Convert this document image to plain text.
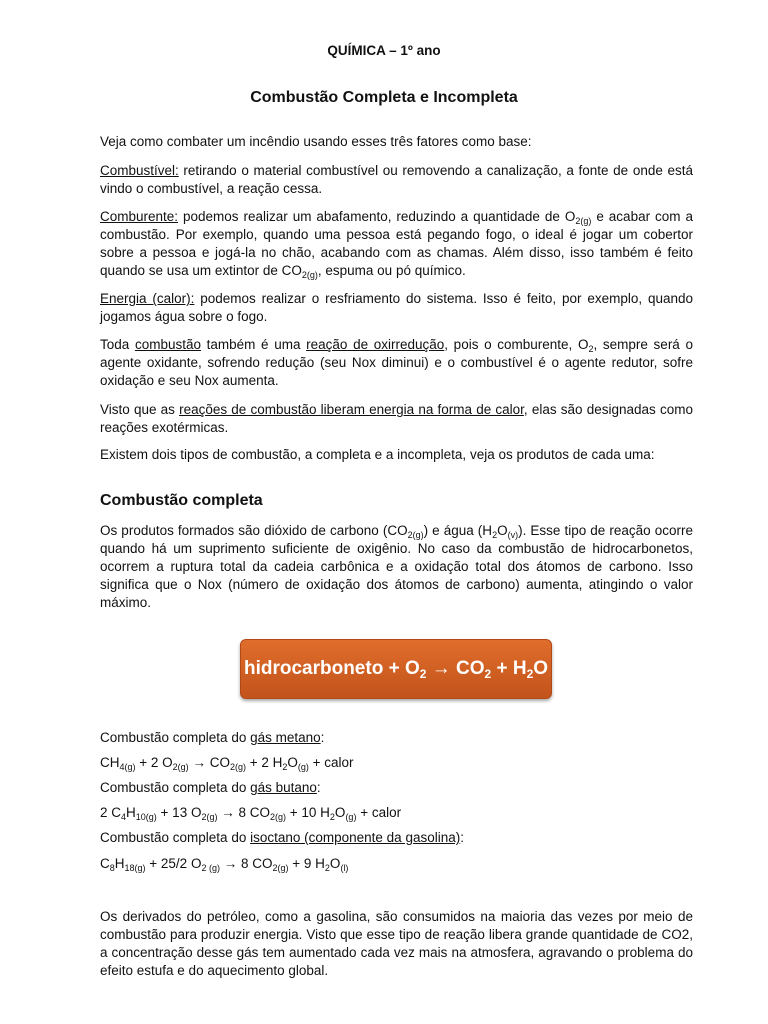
QUÍMICA – 1º ano
Combustão Completa e Incompleta
Veja como combater um incêndio usando esses três fatores como base:
Combustível: retirando o material combustível ou removendo a canalização, a fonte de onde está vindo o combustível, a reação cessa.
Comburente: podemos realizar um abafamento, reduzindo a quantidade de $O_{2(g)}$ e acabar com a combustão. Por exemplo, quando uma pessoa está pegando fogo, o ideal é jogar um cobertor sobre a pessoa e jogá-la no chão, acabando com as chamas. Além disso, isso também é feito quando se usa um extintor de $CO_{2(g)}$, espuma ou pó químico.
Energia (calor): podemos realizar o resfriamento do sistema. Isso é feito, por exemplo, quando jogamos água sobre o fogo.
Toda combustão também é uma reação de oxirredução, pois o comburente, $O_2$, sempre será o agente oxidante, sofrendo redução (seu Nox diminui) e o combustível é o agente redutor, sofre oxidação e seu Nox aumenta.
Visto que as reações de combustão liberam energia na forma de calor, elas são designadas como reações exotérmicas.
Existem dois tipos de combustão, a completa e a incompleta, veja os produtos de cada uma:
Combustão completa
Os produtos formados são dióxido de carbono $(CO_{2(g)})$ e água $(H_2O_{(v)})$. Esse tipo de reação ocorre quando há um suprimento suficiente de oxigênio. No caso da combustão de hidrocarbonetos, ocorrem a ruptura total da cadeia carbônica e a oxidação total dos átomos de carbono. Isso significa que o Nox (número de oxidação dos átomos de carbono) aumenta, atingindo o valor máximo.
hidrocarboneto + $O_2 \to CO_2 + H_2O$
Combustão completa do gás metano:
$CH_{4(g)} + 2$ $O_{2(g)} \to CO_{2(g)} + 2$ $H_2O_{(g)}$ + calor
Combustão completa do gás butano:
2 $C_4H_{10(g)} + 13$ $O_{2(g)} \to 8$ $CO_{2(g)} + 10$ $H_2O_{(g)}$ + calor
Combustão completa do isoctano (componente da gasolina):
$C_8H_{18(g)} + 25/2$ $O_{2 (g)} \to 8$ $CO_{2(g)} + 9$ $H_2O_{(l)}$
Os derivados do petróleo, como a gasolina, são consumidos na maioria das vezes por meio de combustão para produzir energia. Visto que esse tipo de reação libera grande quantidade de CO2, a concentração desse gás tem aumentado cada vez mais na atmosfera, agravando o problema do efeito estufa e do aquecimento global.
